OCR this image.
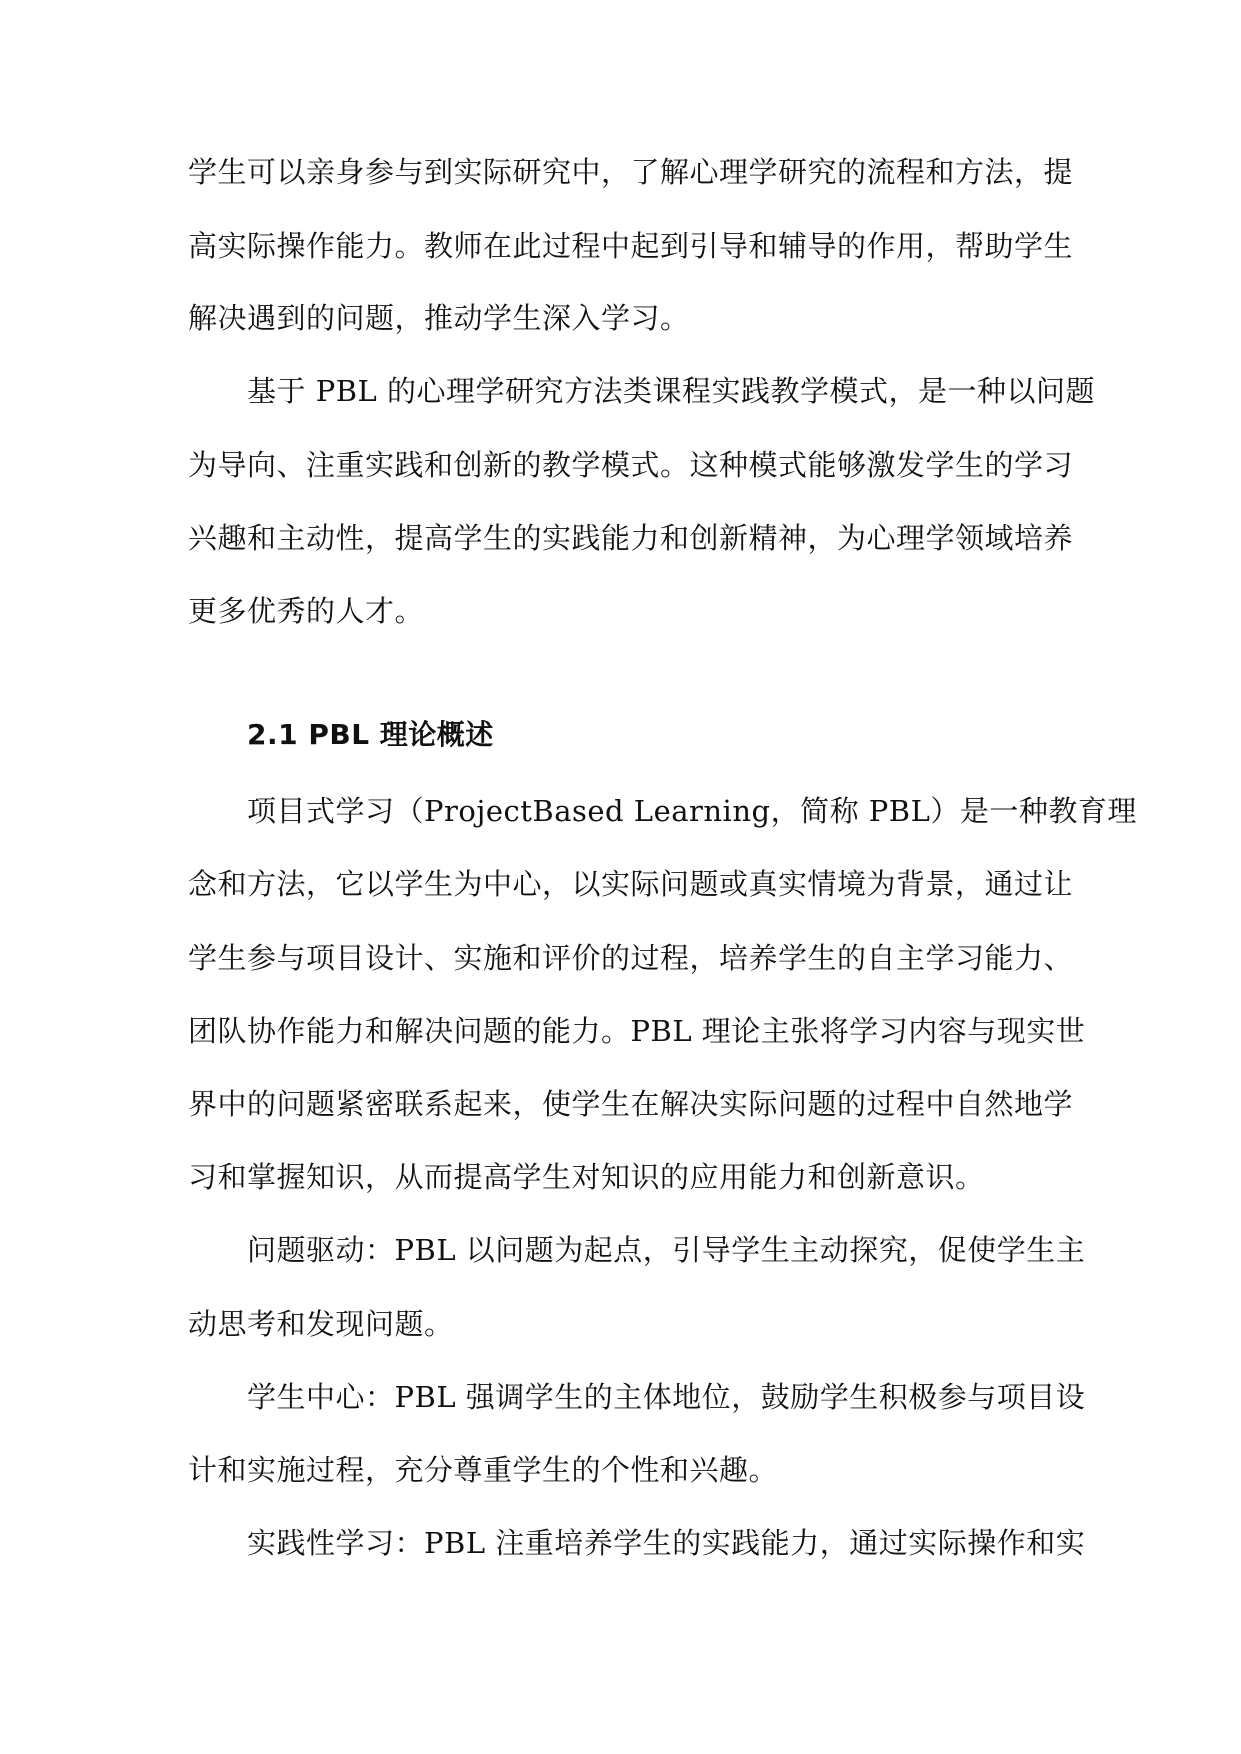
学生可以亲身参与到实际研究中，了解心理学研究的流程和方法，提
高实际操作能力。教师在此过程中起到引导和辅导的作用，帮助学生
解决遇到的问题，推动学生深入学习。
基于 PBL 的心理学研究方法类课程实践教学模式，是一种以问题
为导向、注重实践和创新的教学模式。这种模式能够激发学生的学习
兴趣和主动性，提高学生的实践能力和创新精神，为心理学领域培养
更多优秀的人才。
2.1 PBL 理论概述
项目式学习（ProjectBased Learning，简称 PBL）是一种教育理
念和方法，它以学生为中心，以实际问题或真实情境为背景，通过让
学生参与项目设计、实施和评价的过程，培养学生的自主学习能力、
团队协作能力和解决问题的能力。PBL 理论主张将学习内容与现实世
界中的问题紧密联系起来，使学生在解决实际问题的过程中自然地学
习和掌握知识，从而提高学生对知识的应用能力和创新意识。
问题驱动：PBL 以问题为起点，引导学生主动探究，促使学生主
动思考和发现问题。
学生中心：PBL 强调学生的主体地位，鼓励学生积极参与项目设
计和实施过程，充分尊重学生的个性和兴趣。
实践性学习：PBL 注重培养学生的实践能力，通过实际操作和实
